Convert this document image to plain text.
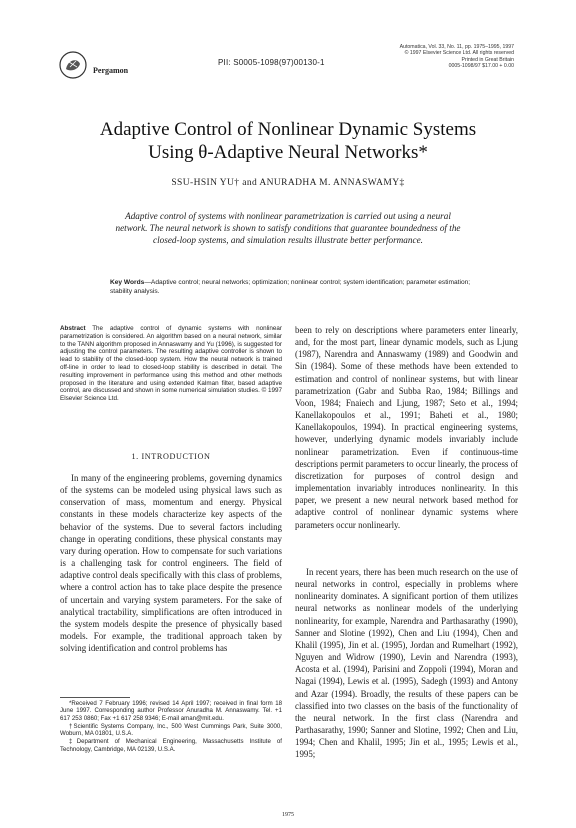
Pergamon
PII: S0005-1098(97)00130-1
Automatica, Vol. 33, No. 11, pp. 1975–1995, 1997
© 1997 Elsevier Science Ltd. All rights reserved
Printed in Great Britain
0005-1098/97 $17.00 + 0.00
Adaptive Control of Nonlinear Dynamic Systems
Using θ-Adaptive Neural Networks*
SSU-HSIN YU† and ANURADHA M. ANNASWAMY‡
Adaptive control of systems with nonlinear parametrization is carried out using a neural network. The neural network is shown to satisfy conditions that guarantee boundedness of the closed-loop systems, and simulation results illustrate better performance.
Key Words—Adaptive control; neural networks; optimization; nonlinear control; system identification; parameter estimation; stability analysis.
Abstract The adaptive control of dynamic systems with nonlinear parametrization is considered. An algorithm based on a neural network, similar to the TANN algorithm proposed in Annaswamy and Yu (1996), is suggested for adjusting the control parameters. The resulting adaptive controller is shown to lead to stability of the closed-loop system. How the neural network is trained off-line in order to lead to closed-loop stability is described in detail. The resulting improvement in performance using this method and other methods proposed in the literature and using extended Kalman filter, based adaptive control, are discussed and shown in some numerical simulation studies. © 1997 Elsevier Science Ltd.
1. INTRODUCTION
In many of the engineering problems, governing dynamics of the systems can be modeled using physical laws such as conservation of mass, momentum and energy. Physical constants in these models characterize key aspects of the behavior of the systems. Due to several factors including change in operating conditions, these physical constants may vary during operation. How to compensate for such variations is a challenging task for control engineers. The field of adaptive control deals specifically with this class of problems, where a control action has to take place despite the presence of uncertain and varying system parameters. For the sake of analytical tractability, simplifications are often introduced in the system models despite the presence of physically based models. For example, the traditional approach taken by solving identification and control problems has
*Received 7 February 1996; revised 14 April 1997; received in final form 18 June 1997. Corresponding author Professor Anuradha M. Annaswamy. Tel. +1 617 253 0860; Fax +1 617 258 9346; E-mail aman@mit.edu.
†Scientific Systems Company, Inc., 500 West Cummings Park, Suite 3000, Woburn, MA 01801, U.S.A.
‡Department of Mechanical Engineering, Massachusetts Institute of Technology, Cambridge, MA 02139, U.S.A.
been to rely on descriptions where parameters enter linearly, and, for the most part, linear dynamic models, such as Ljung (1987), Narendra and Annaswamy (1989) and Goodwin and Sin (1984). Some of these methods have been extended to estimation and control of nonlinear systems, but with linear parametrization (Gabr and Subba Rao, 1984; Billings and Voon, 1984; Fnaiech and Ljung, 1987; Seto et al., 1994; Kanellakopoulos et al., 1991; Baheti et al., 1980; Kanellakopoulos, 1994). In practical engineering systems, however, underlying dynamic models invariably include nonlinear parametrization. Even if continuous-time descriptions permit parameters to occur linearly, the process of discretization for purposes of control design and implementation invariably introduces nonlinearity. In this paper, we present a new neural network based method for adaptive control of nonlinear dynamic systems where parameters occur nonlinearly.
In recent years, there has been much research on the use of neural networks in control, especially in problems where nonlinearity dominates. A significant portion of them utilizes neural networks as nonlinear models of the underlying nonlinearity, for example, Narendra and Parthasarathy (1990), Sanner and Slotine (1992), Chen and Liu (1994), Chen and Khalil (1995), Jin et al. (1995), Jordan and Rumelhart (1992), Nguyen and Widrow (1990), Levin and Narendra (1993), Acosta et al. (1994), Parisini and Zoppoli (1994), Moran and Nagai (1994), Lewis et al. (1995), Sadegh (1993) and Antony and Azar (1994). Broadly, the results of these papers can be classified into two classes on the basis of the functionality of the neural network. In the first class (Narendra and Parthasarathy, 1990; Sanner and Slotine, 1992; Chen and Liu, 1994; Chen and Khalil, 1995; Jin et al., 1995; Lewis et al., 1995;
1975
